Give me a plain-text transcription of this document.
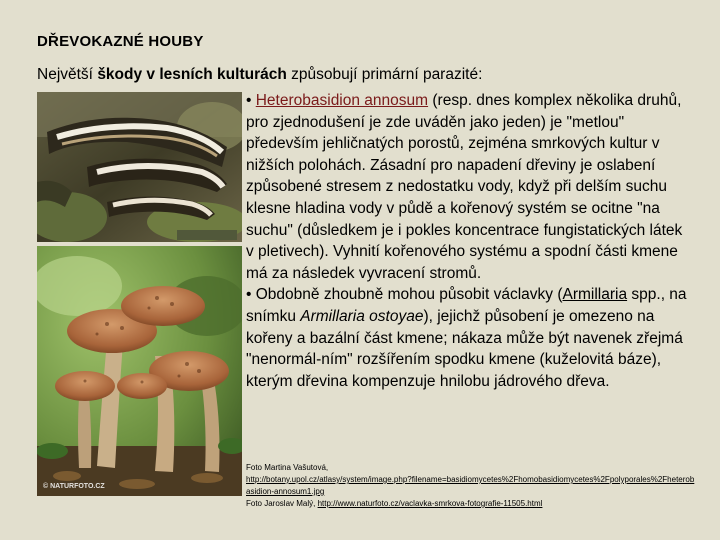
DŘEVOKAZNÉ HOUBY
Největší škody v lesních kulturách způsobují primární parazité:
© NATURFOTO.CZ

• Heterobasidion annosum (resp. dnes komplex několika druhů, pro zjednodušení je zde uváděn jako jeden) je "metlou" především jehličnatých porostů, zejména smrkových kultur v nižších polohách. Zásadní pro napadení dřeviny je oslabení způsobené stresem z nedostatku vody, když při delším suchu klesne hladina vody v půdě a kořenový systém se ocitne "na suchu" (důsledkem je i pokles koncentrace fungistatických látek v pletivech). Vyhnití kořenového systému a spodní části kmene má za následek vyvracení stromů.

• Obdobně zhoubně mohou působit václavky (Armillaria spp., na snímku Armillaria ostoyae), jejichž působení je omezeno na kořeny a bazální část kmene; nákaza může být navenek zřejmá "nenormál-ním" rozšířením spodku kmene (kuželovitá báze), kterým dřevina kompenzuje hnilobu jádrového dřeva.

Foto Martina Vašutová,

http://botany.upol.cz/atlasy/system/image.php?filename=basidiomycetes%2Fhomobasidiomycetes%2Fpolyporales%2Fheterobasidion-annosum1.jpg

Foto Jaroslav Malý, http://www.naturfoto.cz/vaclavka-smrkova-fotografie-11505.html
